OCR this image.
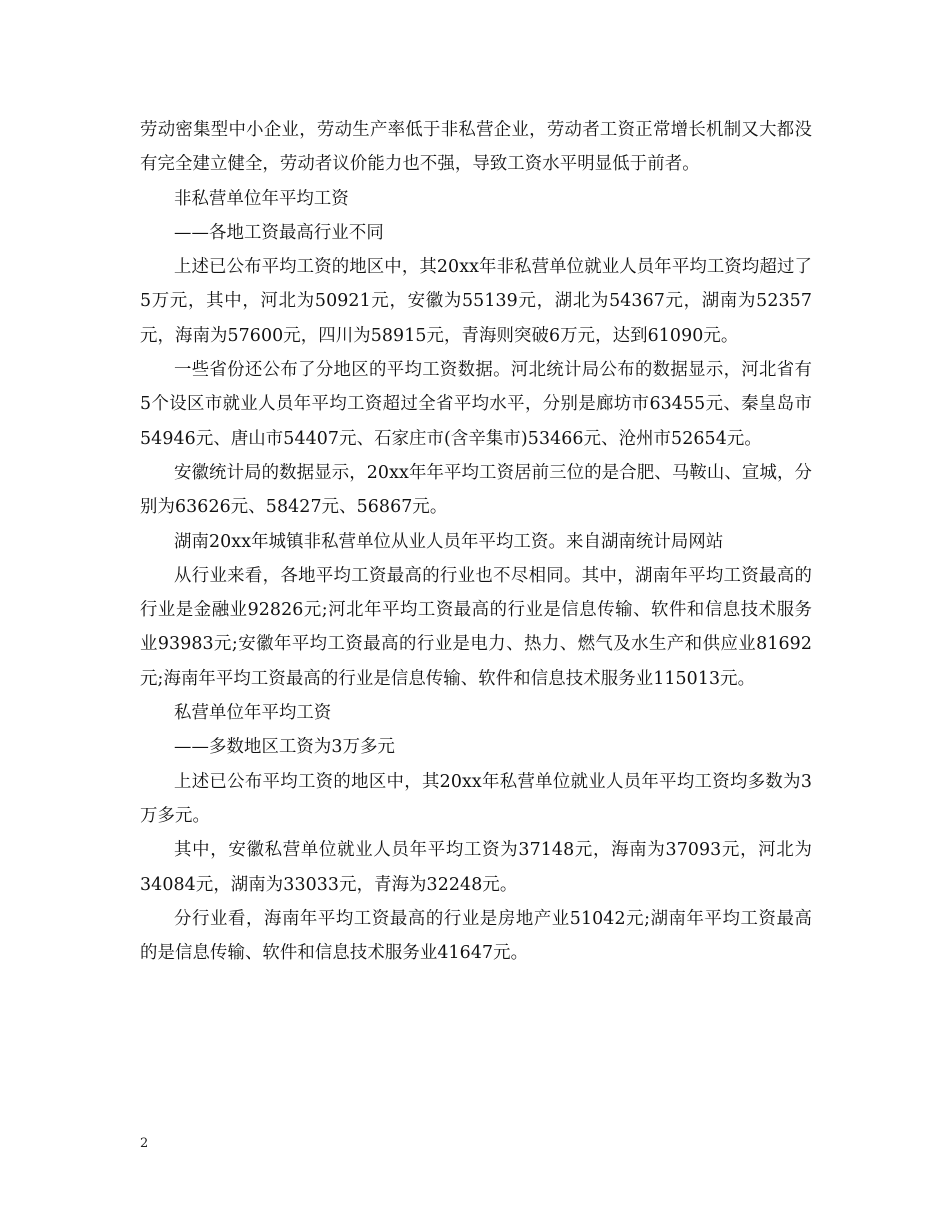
劳动密集型中小企业，劳动生产率低于非私营企业，劳动者工资正常增长机制又大都没有完全建立健全，劳动者议价能力也不强，导致工资水平明显低于前者。

非私营单位年平均工资

——各地工资最高行业不同

上述已公布平均工资的地区中，其20xx年非私营单位就业人员年平均工资均超过了5万元，其中，河北为50921元，安徽为55139元，湖北为54367元，湖南为52357元，海南为57600元，四川为58915元，青海则突破6万元，达到61090元。

一些省份还公布了分地区的平均工资数据。河北统计局公布的数据显示，河北省有5个设区市就业人员年平均工资超过全省平均水平，分别是廊坊市63455元、秦皇岛市54946元、唐山市54407元、石家庄市(含辛集市)53466元、沧州市52654元。

安徽统计局的数据显示，20xx年年平均工资居前三位的是合肥、马鞍山、宣城，分别为63626元、58427元、56867元。

湖南20xx年城镇非私营单位从业人员年平均工资。来自湖南统计局网站

从行业来看，各地平均工资最高的行业也不尽相同。其中，湖南年平均工资最高的行业是金融业92826元;河北年平均工资最高的行业是信息传输、软件和信息技术服务业93983元;安徽年平均工资最高的行业是电力、热力、燃气及水生产和供应业81692元;海南年平均工资最高的行业是信息传输、软件和信息技术服务业115013元。

私营单位年平均工资

——多数地区工资为3万多元

上述已公布平均工资的地区中，其20xx年私营单位就业人员年平均工资均多数为3万多元。

其中，安徽私营单位就业人员年平均工资为37148元，海南为37093元，河北为34084元，湖南为33033元，青海为32248元。

分行业看，海南年平均工资最高的行业是房地产业51042元;湖南年平均工资最高的是信息传输、软件和信息技术服务业41647元。

2
